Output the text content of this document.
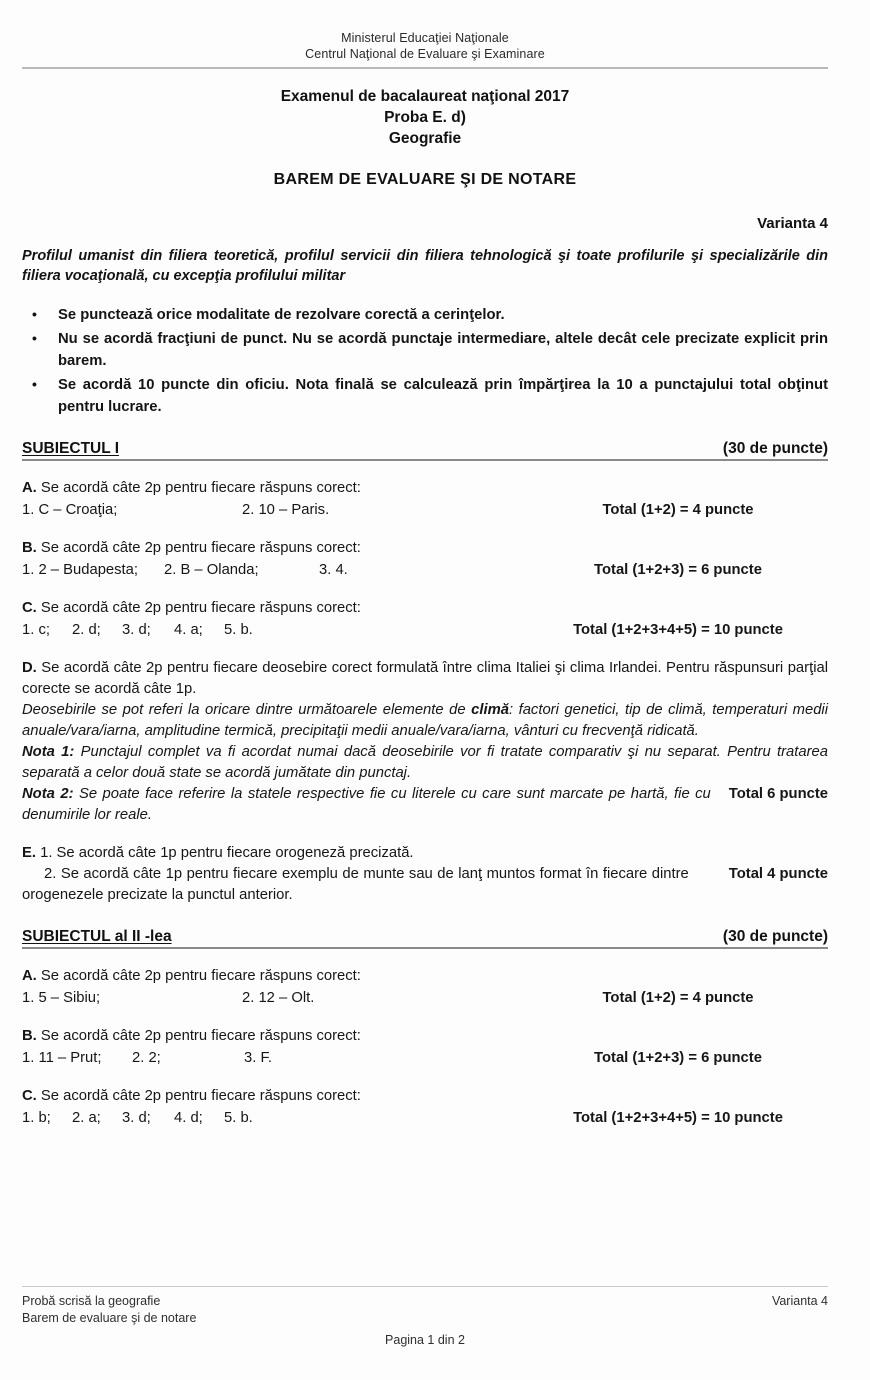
Ministerul Educaţiei Naţionale
Centrul Naţional de Evaluare şi Examinare
Examenul de bacalaureat naţional 2017
Proba E. d)
Geografie
BAREM DE EVALUARE ŞI DE NOTARE
Varianta 4
Profilul umanist din filiera teoretică, profilul servicii din filiera tehnologică şi toate profilurile şi specializările din filiera vocaţională, cu excepţia profilului militar
• Se punctează orice modalitate de rezolvare corectă a cerinţelor.
• Nu se acordă fracţiuni de punct. Nu se acordă punctaje intermediare, altele decât cele precizate explicit prin barem.
• Se acordă 10 puncte din oficiu. Nota finală se calculează prin împărţirea la 10 a punctajului total obţinut pentru lucrare.
SUBIECTUL I	(30 de puncte)
A. Se acordă câte 2p pentru fiecare răspuns corect:
1. C – Croaţia;	2. 10 – Paris.	Total (1+2) = 4 puncte
B. Se acordă câte 2p pentru fiecare răspuns corect:
1. 2 – Budapesta;	2. B – Olanda;	3. 4.	Total (1+2+3) = 6 puncte
C. Se acordă câte 2p pentru fiecare răspuns corect:
1. c;	2. d;	3. d;	4. a;	5. b.	Total (1+2+3+4+5) = 10 puncte
D. Se acordă câte 2p pentru fiecare deosebire corect formulată între clima Italiei şi clima Irlandei. Pentru răspunsuri parţial corecte se acordă câte 1p.
Deosebirile se pot referi la oricare dintre următoarele elemente de climă: factori genetici, tip de climă, temperaturi medii anuale/vara/iarna, amplitudine termică, precipitaţii medii anuale/vara/iarna, vânturi cu frecvenţă ridicată.
Nota 1: Punctajul complet va fi acordat numai dacă deosebirile vor fi tratate comparativ şi nu separat. Pentru tratarea separată a celor două state se acordă jumătate din punctaj.
Total 6 puncte
Nota 2: Se poate face referire la statele respective fie cu literele cu care sunt marcate pe hartă, fie cu denumirile lor reale.
E. 1. Se acordă câte 1p pentru fiecare orogeneză precizată.
Total 4 puncte
2. Se acordă câte 1p pentru fiecare exemplu de munte sau de lanţ muntos format în fiecare dintre orogenezele precizate la punctul anterior.
SUBIECTUL al II -lea	(30 de puncte)
A. Se acordă câte 2p pentru fiecare răspuns corect:
1. 5 – Sibiu;	2. 12 – Olt.	Total (1+2) = 4 puncte
B. Se acordă câte 2p pentru fiecare răspuns corect:
1. 11 – Prut;	2. 2;	3. F.	Total (1+2+3) = 6 puncte
C. Se acordă câte 2p pentru fiecare răspuns corect:
1. b;	2. a;	3. d;	4. d;	5. b.	Total (1+2+3+4+5) = 10 puncte
Probă scrisă la geografie
Barem de evaluare şi de notare
Varianta 4
Pagina 1 din 2
